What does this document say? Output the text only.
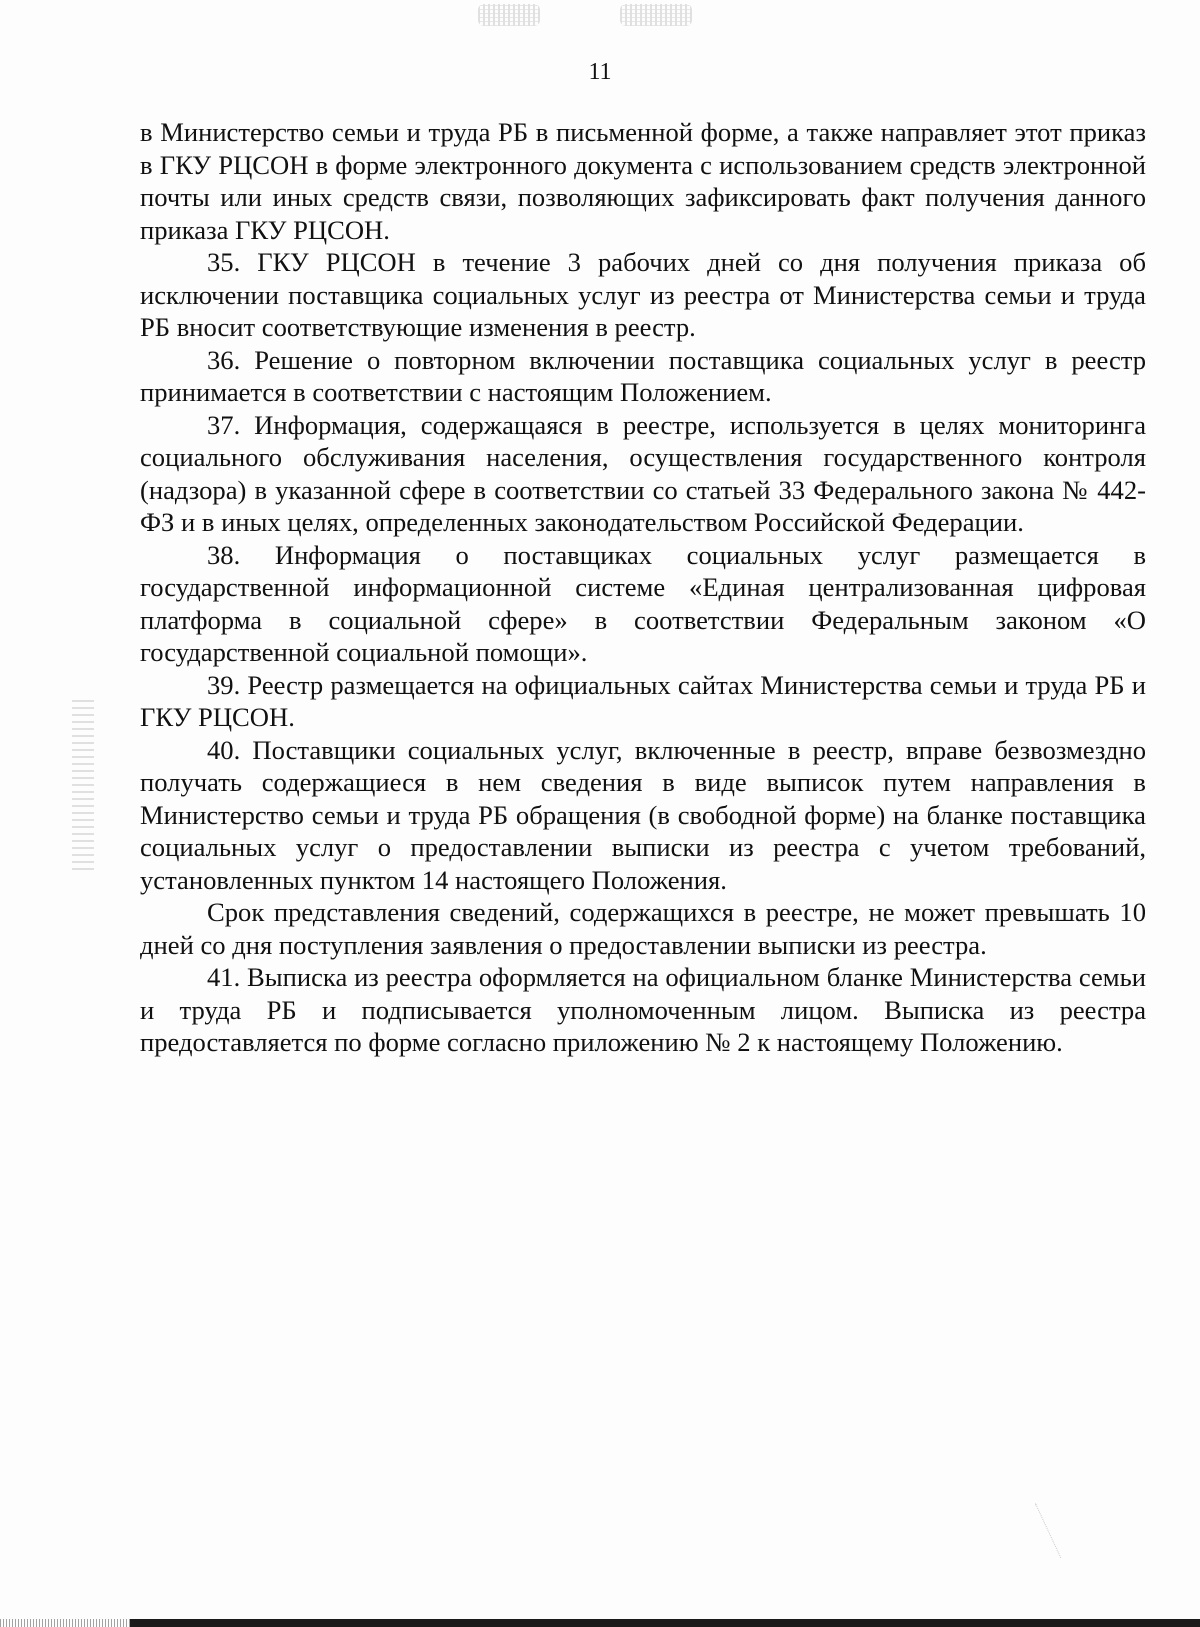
11

в Министерство семьи и труда РБ в письменной форме, а также направляет этот приказ в ГКУ РЦСОН в форме электронного документа с использованием средств электронной почты или иных средств связи, позволяющих зафиксировать факт получения данного приказа ГКУ РЦСОН.

35. ГКУ РЦСОН в течение 3 рабочих дней со дня получения приказа об исключении поставщика социальных услуг из реестра от Министерства семьи и труда РБ вносит соответствующие изменения в реестр.

36. Решение о повторном включении поставщика социальных услуг в реестр принимается в соответствии с настоящим Положением.

37. Информация, содержащаяся в реестре, используется в целях мониторинга социального обслуживания населения, осуществления государственного контроля (надзора) в указанной сфере в соответствии со статьей 33 Федерального закона № 442-ФЗ и в иных целях, определенных законодательством Российской Федерации.

38. Информация о поставщиках социальных услуг размещается в государственной информационной системе «Единая централизованная цифровая платформа в социальной сфере» в соответствии Федеральным законом «О государственной социальной помощи».

39. Реестр размещается на официальных сайтах Министерства семьи и труда РБ и ГКУ РЦСОН.

40. Поставщики социальных услуг, включенные в реестр, вправе безвозмездно получать содержащиеся в нем сведения в виде выписок путем направления в Министерство семьи и труда РБ обращения (в свободной форме) на бланке поставщика социальных услуг о предоставлении выписки из реестра с учетом требований, установленных пунктом 14 настоящего Положения.

Срок представления сведений, содержащихся в реестре, не может превышать 10 дней со дня поступления заявления о предоставлении выписки из реестра.

41. Выписка из реестра оформляется на официальном бланке Министерства семьи и труда РБ и подписывается уполномоченным лицом. Выписка из реестра предоставляется по форме согласно приложению № 2 к настоящему Положению.
